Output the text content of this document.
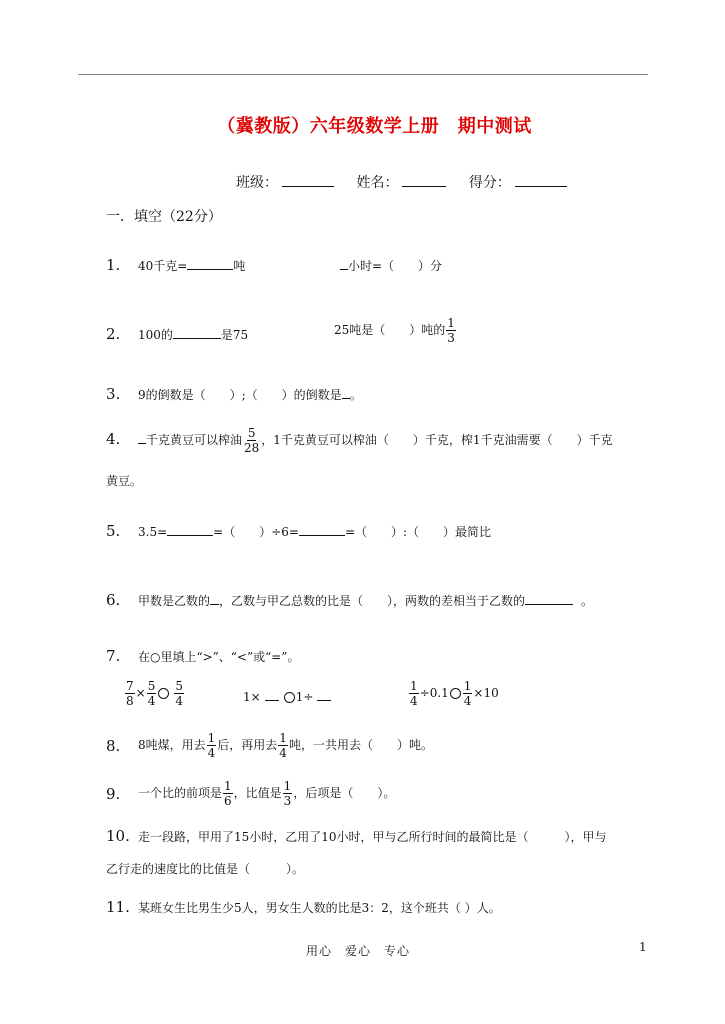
（冀教版）六年级数学上册　期中测试
班级：	姓名：	得分：
一．填空（22分）
1. 40千克=	吨	小时=（　　）分
2. 100的	是75	25吨是（　　）吨的 $\frac{1}{3}$
3. 9的倒数是（　　）;（　　）的倒数是 。
4. 千克黄豆可以榨油 $\frac{5}{28}$ ，1千克黄豆可以榨油（　　）千克，榨1千克油需要（　　）千克
黄豆。
5. 3.5=	=（　　）÷6=	=（　　）:（　　）最简比
6. 甲数是乙数的 ，乙数与甲乙总数的比是（　　），两数的差相当于乙数的	。
7. 在○里填上“>”、“<”或“=”。
$\frac{7}{8} \times \frac{5}{4} \frac{5}{4}$	1×	1÷	$\frac{1}{4} \div 0.1 \frac{1}{4} \times 10$
8. 8吨煤，用去 $\frac{1}{4}$ 后，再用去 $\frac{1}{4}$ 吨，一共用去（　　）吨。
9. 一个比的前项是 $\frac{1}{6}$ ，比值是 $\frac{1}{3}$ ，后项是（　　）。
10. 走一段路，甲用了15小时，乙用了10小时，甲与乙所行时间的最简比是（　　　），甲与
乙行走的速度比的比值是（　　　）。
11. 某班女生比男生少5人，男女生人数的比是3：2，这个班共（ ）人。
用心　爱心　专心	1
